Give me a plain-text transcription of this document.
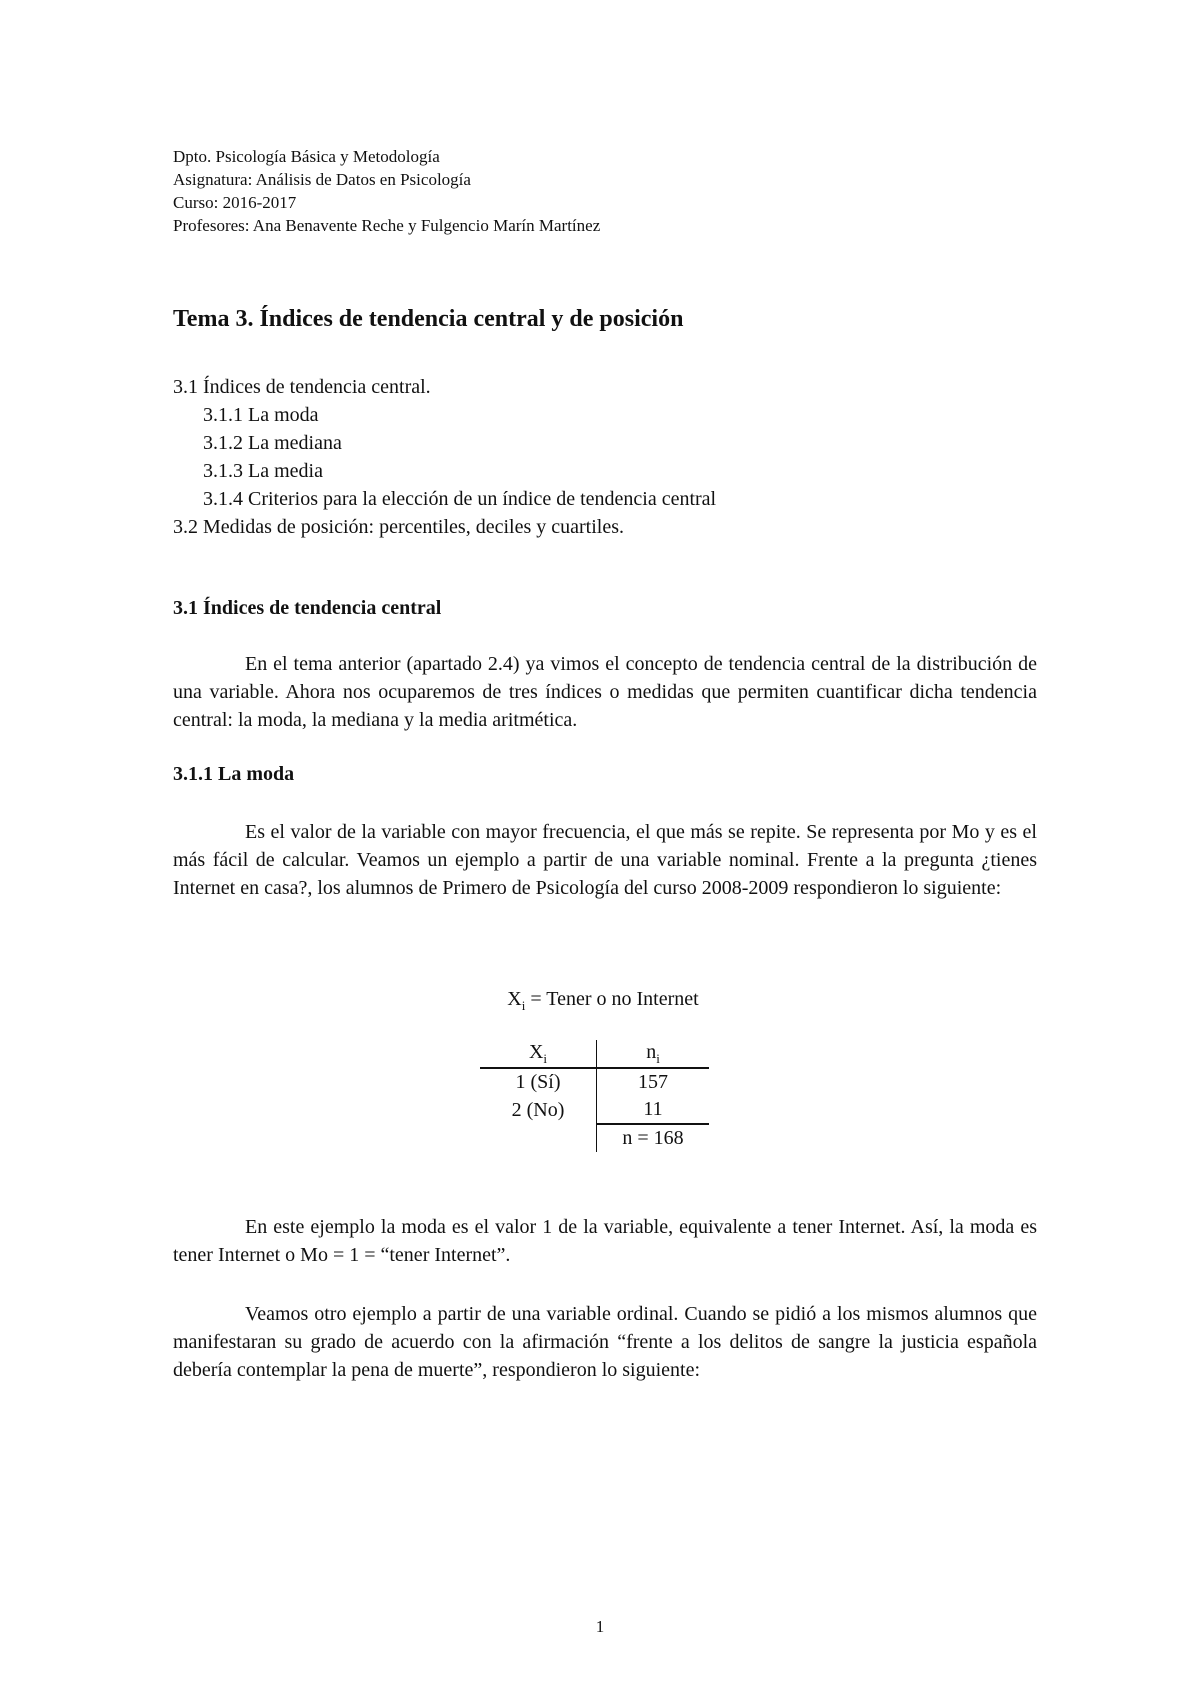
Dpto. Psicología Básica y Metodología
Asignatura: Análisis de Datos en Psicología
Curso: 2016-2017
Profesores: Ana Benavente Reche y Fulgencio Marín Martínez
Tema 3. Índices de tendencia central y de posición
3.1 Índices de tendencia central.
3.1.1 La moda
3.1.2 La mediana
3.1.3 La media
3.1.4 Criterios para la elección de un índice de tendencia central
3.2 Medidas de posición: percentiles, deciles y cuartiles.
3.1 Índices de tendencia central

En el tema anterior (apartado 2.4) ya vimos el concepto de tendencia central de la distribución de una variable. Ahora nos ocuparemos de tres índices o medidas que permiten cuantificar dicha tendencia central: la moda, la mediana y la media aritmética.

3.1.1 La moda

Es el valor de la variable con mayor frecuencia, el que más se repite. Se representa por Mo y es el más fácil de calcular. Veamos un ejemplo a partir de una variable nominal. Frente a la pregunta ¿tienes Internet en casa?, los alumnos de Primero de Psicología del curso 2008-2009 respondieron lo siguiente:

$X_i$ = Tener o no Internet
$X_i$	$n_i$
1 (Sí)	157
2 (No)	11
	n = 168

En este ejemplo la moda es el valor 1 de la variable, equivalente a tener Internet. Así, la moda es tener Internet o Mo = 1 = “tener Internet”.

Veamos otro ejemplo a partir de una variable ordinal. Cuando se pidió a los mismos alumnos que manifestaran su grado de acuerdo con la afirmación “frente a los delitos de sangre la justicia española debería contemplar la pena de muerte”, respondieron lo siguiente:

1
